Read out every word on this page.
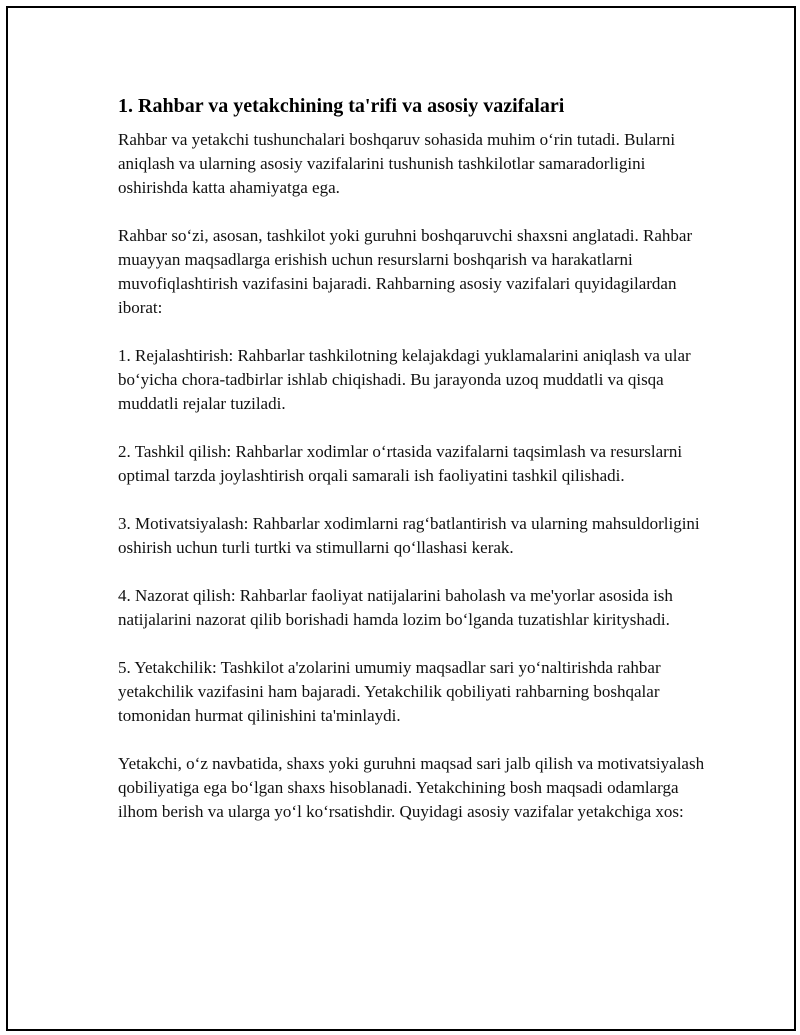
1. Rahbar va yetakchining ta'rifi va asosiy vazifalari

Rahbar va yetakchi tushunchalari boshqaruv sohasida muhim o‘rin tutadi. Bularni aniqlash va ularning asosiy vazifalarini tushunish tashkilotlar samaradorligini oshirishda katta ahamiyatga ega.

Rahbar so‘zi, asosan, tashkilot yoki guruhni boshqaruvchi shaxsni anglatadi. Rahbar muayyan maqsadlarga erishish uchun resurslarni boshqarish va harakatlarni muvofiqlashtirish vazifasini bajaradi. Rahbarning asosiy vazifalari quyidagilardan iborat:

1. Rejalashtirish: Rahbarlar tashkilotning kelajakdagi yuklamalarini aniqlash va ular bo‘yicha chora-tadbirlar ishlab chiqishadi. Bu jarayonda uzoq muddatli va qisqa muddatli rejalar tuziladi.

2. Tashkil qilish: Rahbarlar xodimlar o‘rtasida vazifalarni taqsimlash va resurslarni optimal tarzda joylashtirish orqali samarali ish faoliyatini tashkil qilishadi.

3. Motivatsiyalash: Rahbarlar xodimlarni rag‘batlantirish va ularning mahsuldorligini oshirish uchun turli turtki va stimullarni qo‘llashasi kerak.

4. Nazorat qilish: Rahbarlar faoliyat natijalarini baholash va me'yorlar asosida ish natijalarini nazorat qilib borishadi hamda lozim bo‘lganda tuzatishlar kirityshadi.

5. Yetakchilik: Tashkilot a'zolarini umumiy maqsadlar sari yo‘naltirishda rahbar yetakchilik vazifasini ham bajaradi. Yetakchilik qobiliyati rahbarning boshqalar tomonidan hurmat qilinishini ta'minlaydi.

Yetakchi, o‘z navbatida, shaxs yoki guruhni maqsad sari jalb qilish va motivatsiyalash qobiliyatiga ega bo‘lgan shaxs hisoblanadi. Yetakchining bosh maqsadi odamlarga ilhom berish va ularga yo‘l ko‘rsatishdir. Quyidagi asosiy vazifalar yetakchiga xos:
